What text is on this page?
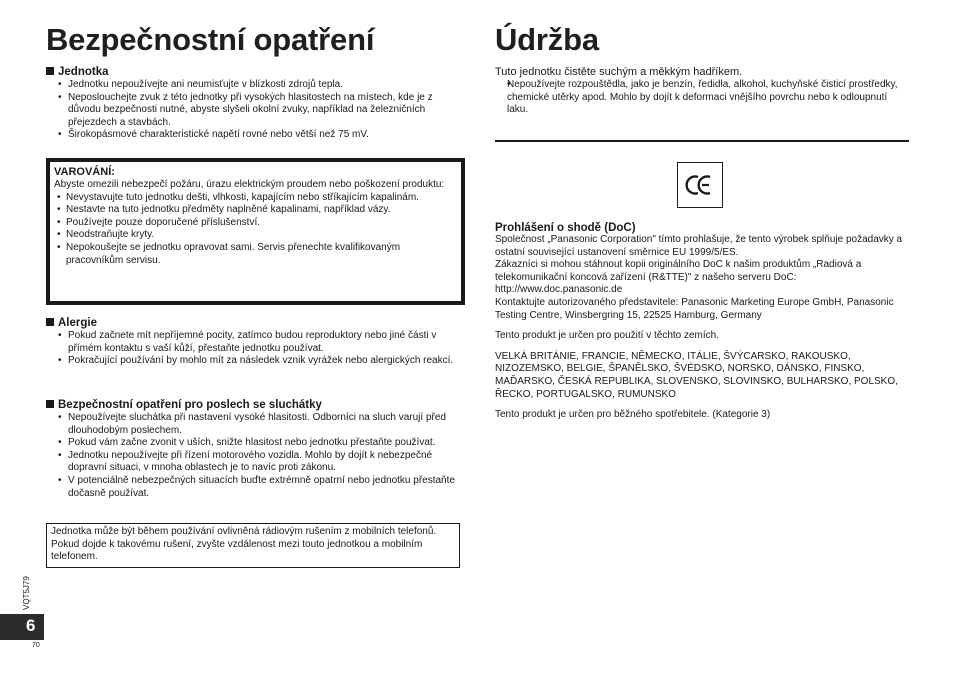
Bezpečnostní opatření
Jednotka
• Jednotku nepoužívejte ani neumisťujte v blízkosti zdrojů tepla.
• Neposlouchejte zvuk z této jednotky při vysokých hlasitostech na místech, kde je z důvodu bezpečnosti nutné, abyste slyšeli okolní zvuky, například na železničních přejezdech a stavbách.
• Širokopásmové charakteristické napětí rovné nebo větší než 75 mV.
VAROVÁNÍ:

Abyste omezili nebezpečí požáru, úrazu elektrickým proudem nebo poškození produktu:

• Nevystavujte tuto jednotku dešti, vlhkosti, kapajícím nebo stříkajícím kapalinám.
• Nestavte na tuto jednotku předměty naplněné kapalinami, například vázy.
• Používejte pouze doporučené příslušenství.
• Neodstraňujte kryty.
• Nepokoušejte se jednotku opravovat sami. Servis přenechte kvalifikovaným pracovníkům servisu.
Alergie
• Pokud začnete mít nepříjemné pocity, zatímco budou reproduktory nebo jiné části v přímém kontaktu s vaší kůží, přestaňte jednotku používat.
• Pokračující používání by mohlo mít za následek vznik vyrážek nebo alergických reakcí.
Bezpečnostní opatření pro poslech se sluchátky
• Nepoužívejte sluchátka při nastavení vysoké hlasitosti. Odborníci na sluch varují před dlouhodobým poslechem.
• Pokud vám začne zvonit v uších, snižte hlasitost nebo jednotku přestaňte používat.
• Jednotku nepoužívejte při řízení motorového vozidla. Mohlo by dojít k nebezpečné dopravní situaci, v mnoha oblastech je to navíc proti zákonu.
• V potenciálně nebezpečných situacích buďte extrémně opatrní nebo jednotku přestaňte dočasně používat.
Jednotka může být během používání ovlivněná rádiovým rušením z mobilních telefonů. Pokud dojde k takovému rušení, zvyšte vzdálenost mezi touto jednotkou a mobilním telefonem.
Údržba

Tuto jednotku čistěte suchým a měkkým hadříkem.

• Nepoužívejte rozpouštědla, jako je benzín, ředidla, alkohol, kuchyňské čisticí prostředky, chemické utěrky apod. Mohlo by dojít k deformaci vnějšího povrchu nebo k odloupnutí laku.
Prohlášení o shodě (DoC)

Společnost „Panasonic Corporation" tímto prohlašuje, že tento výrobek splňuje požadavky a ostatní související ustanovení směrnice EU 1999/5/ES.

Zákazníci si mohou stáhnout kopii originálního DoC k našim produktům „Radiová a telekomunikační koncová zařízení (R&TTE)" z našeho serveru DoC:

http://www.doc.panasonic.de

Kontaktujte autorizovaného představitele: Panasonic Marketing Europe GmbH, Panasonic Testing Centre, Winsbergring 15, 22525 Hamburg, Germany

Tento produkt je určen pro použití v těchto zemích.

VELKÁ BRITÁNIE, FRANCIE, NĚMECKO, ITÁLIE, ŠVÝCARSKO, RAKOUSKO, NIZOZEMSKO, BELGIE, ŠPANĚLSKO, ŠVÉDSKO, NORSKO, DÁNSKO, FINSKO, MAĎARSKO, ČESKÁ REPUBLIKA, SLOVENSKO, SLOVINSKO, BULHARSKO, POLSKO, ŘECKO, PORTUGALSKO, RUMUNSKO

Tento produkt je určen pro běžného spotřebitele. (Kategorie 3)

VQT5J79
6
70
